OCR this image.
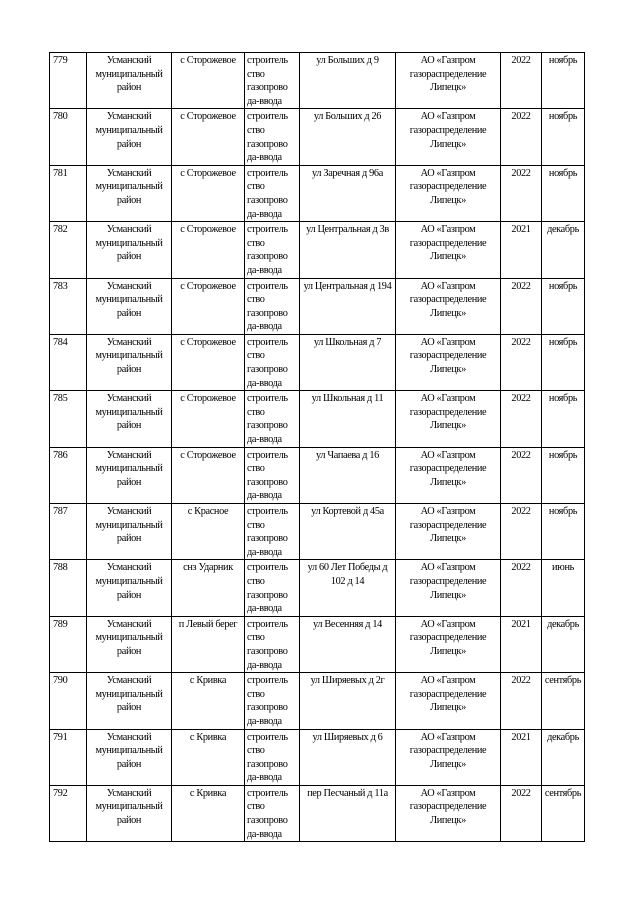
779	Усманский муниципальный район	с Сторожевое	строитель ство газопрово да-ввода	ул Больших д 9	АО «Газпром газораспределение Липецк»	2022	ноябрь
780	Усманский муниципальный район	с Сторожевое	строитель ство газопрово да-ввода	ул Больших д 26	АО «Газпром газораспределение Липецк»	2022	ноябрь
781	Усманский муниципальный район	с Сторожевое	строитель ство газопрово да-ввода	ул Заречная д 96а	АО «Газпром газораспределение Липецк»	2022	ноябрь
782	Усманский муниципальный район	с Сторожевое	строитель ство газопрово да-ввода	ул Центральная д 3в	АО «Газпром газораспределение Липецк»	2021	декабрь
783	Усманский муниципальный район	с Сторожевое	строитель ство газопрово да-ввода	ул Центральная д 194	АО «Газпром газораспределение Липецк»	2022	ноябрь
784	Усманский муниципальный район	с Сторожевое	строитель ство газопрово да-ввода	ул Школьная д 7	АО «Газпром газораспределение Липецк»	2022	ноябрь
785	Усманский муниципальный район	с Сторожевое	строитель ство газопрово да-ввода	ул Школьная д 11	АО «Газпром газораспределение Липецк»	2022	ноябрь
786	Усманский муниципальный район	с Сторожевое	строитель ство газопрово да-ввода	ул Чапаева д 16	АО «Газпром газораспределение Липецк»	2022	ноябрь
787	Усманский муниципальный район	с Красное	строитель ство газопрово да-ввода	ул Кортевой д 45а	АО «Газпром газораспределение Липецк»	2022	ноябрь
788	Усманский муниципальный район	снз Ударник	строитель ство газопрово да-ввода	ул 60 Лет Победы д 102 д 14	АО «Газпром газораспределение Липецк»	2022	июнь
789	Усманский муниципальный район	п Левый берег	строитель ство газопрово да-ввода	ул Весенняя д 14	АО «Газпром газораспределение Липецк»	2021	декабрь
790	Усманский муниципальный район	с Кривка	строитель ство газопрово да-ввода	ул Ширяевых д 2г	АО «Газпром газораспределение Липецк»	2022	сентябрь
791	Усманский муниципальный район	с Кривка	строитель ство газопрово да-ввода	ул Ширяевых д 6	АО «Газпром газораспределение Липецк»	2021	декабрь
792	Усманский муниципальный район	с Кривка	строитель ство газопрово да-ввода	пер Песчаный д 11а	АО «Газпром газораспределение Липецк»	2022	сентябрь
